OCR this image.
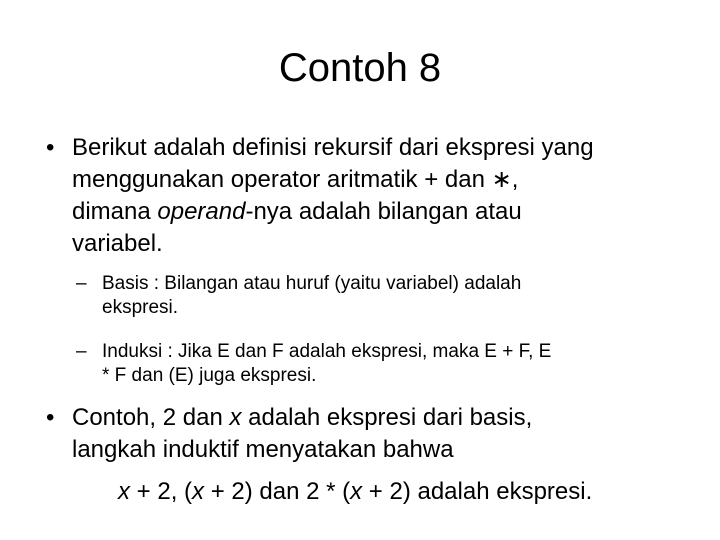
Contoh 8
• Berikut adalah definisi rekursif dari ekspresi yang
menggunakan operator aritmatik + dan ∗,
dimana operand-nya adalah bilangan atau
variabel.
– Basis : Bilangan atau huruf (yaitu variabel) adalah
ekspresi.
– Induksi : Jika E dan F adalah ekspresi, maka E + F, E
* F dan (E) juga ekspresi.
• Contoh, 2 dan x adalah ekspresi dari basis,
langkah induktif menyatakan bahwa
x + 2, (x + 2) dan 2 * (x + 2) adalah ekspresi.
